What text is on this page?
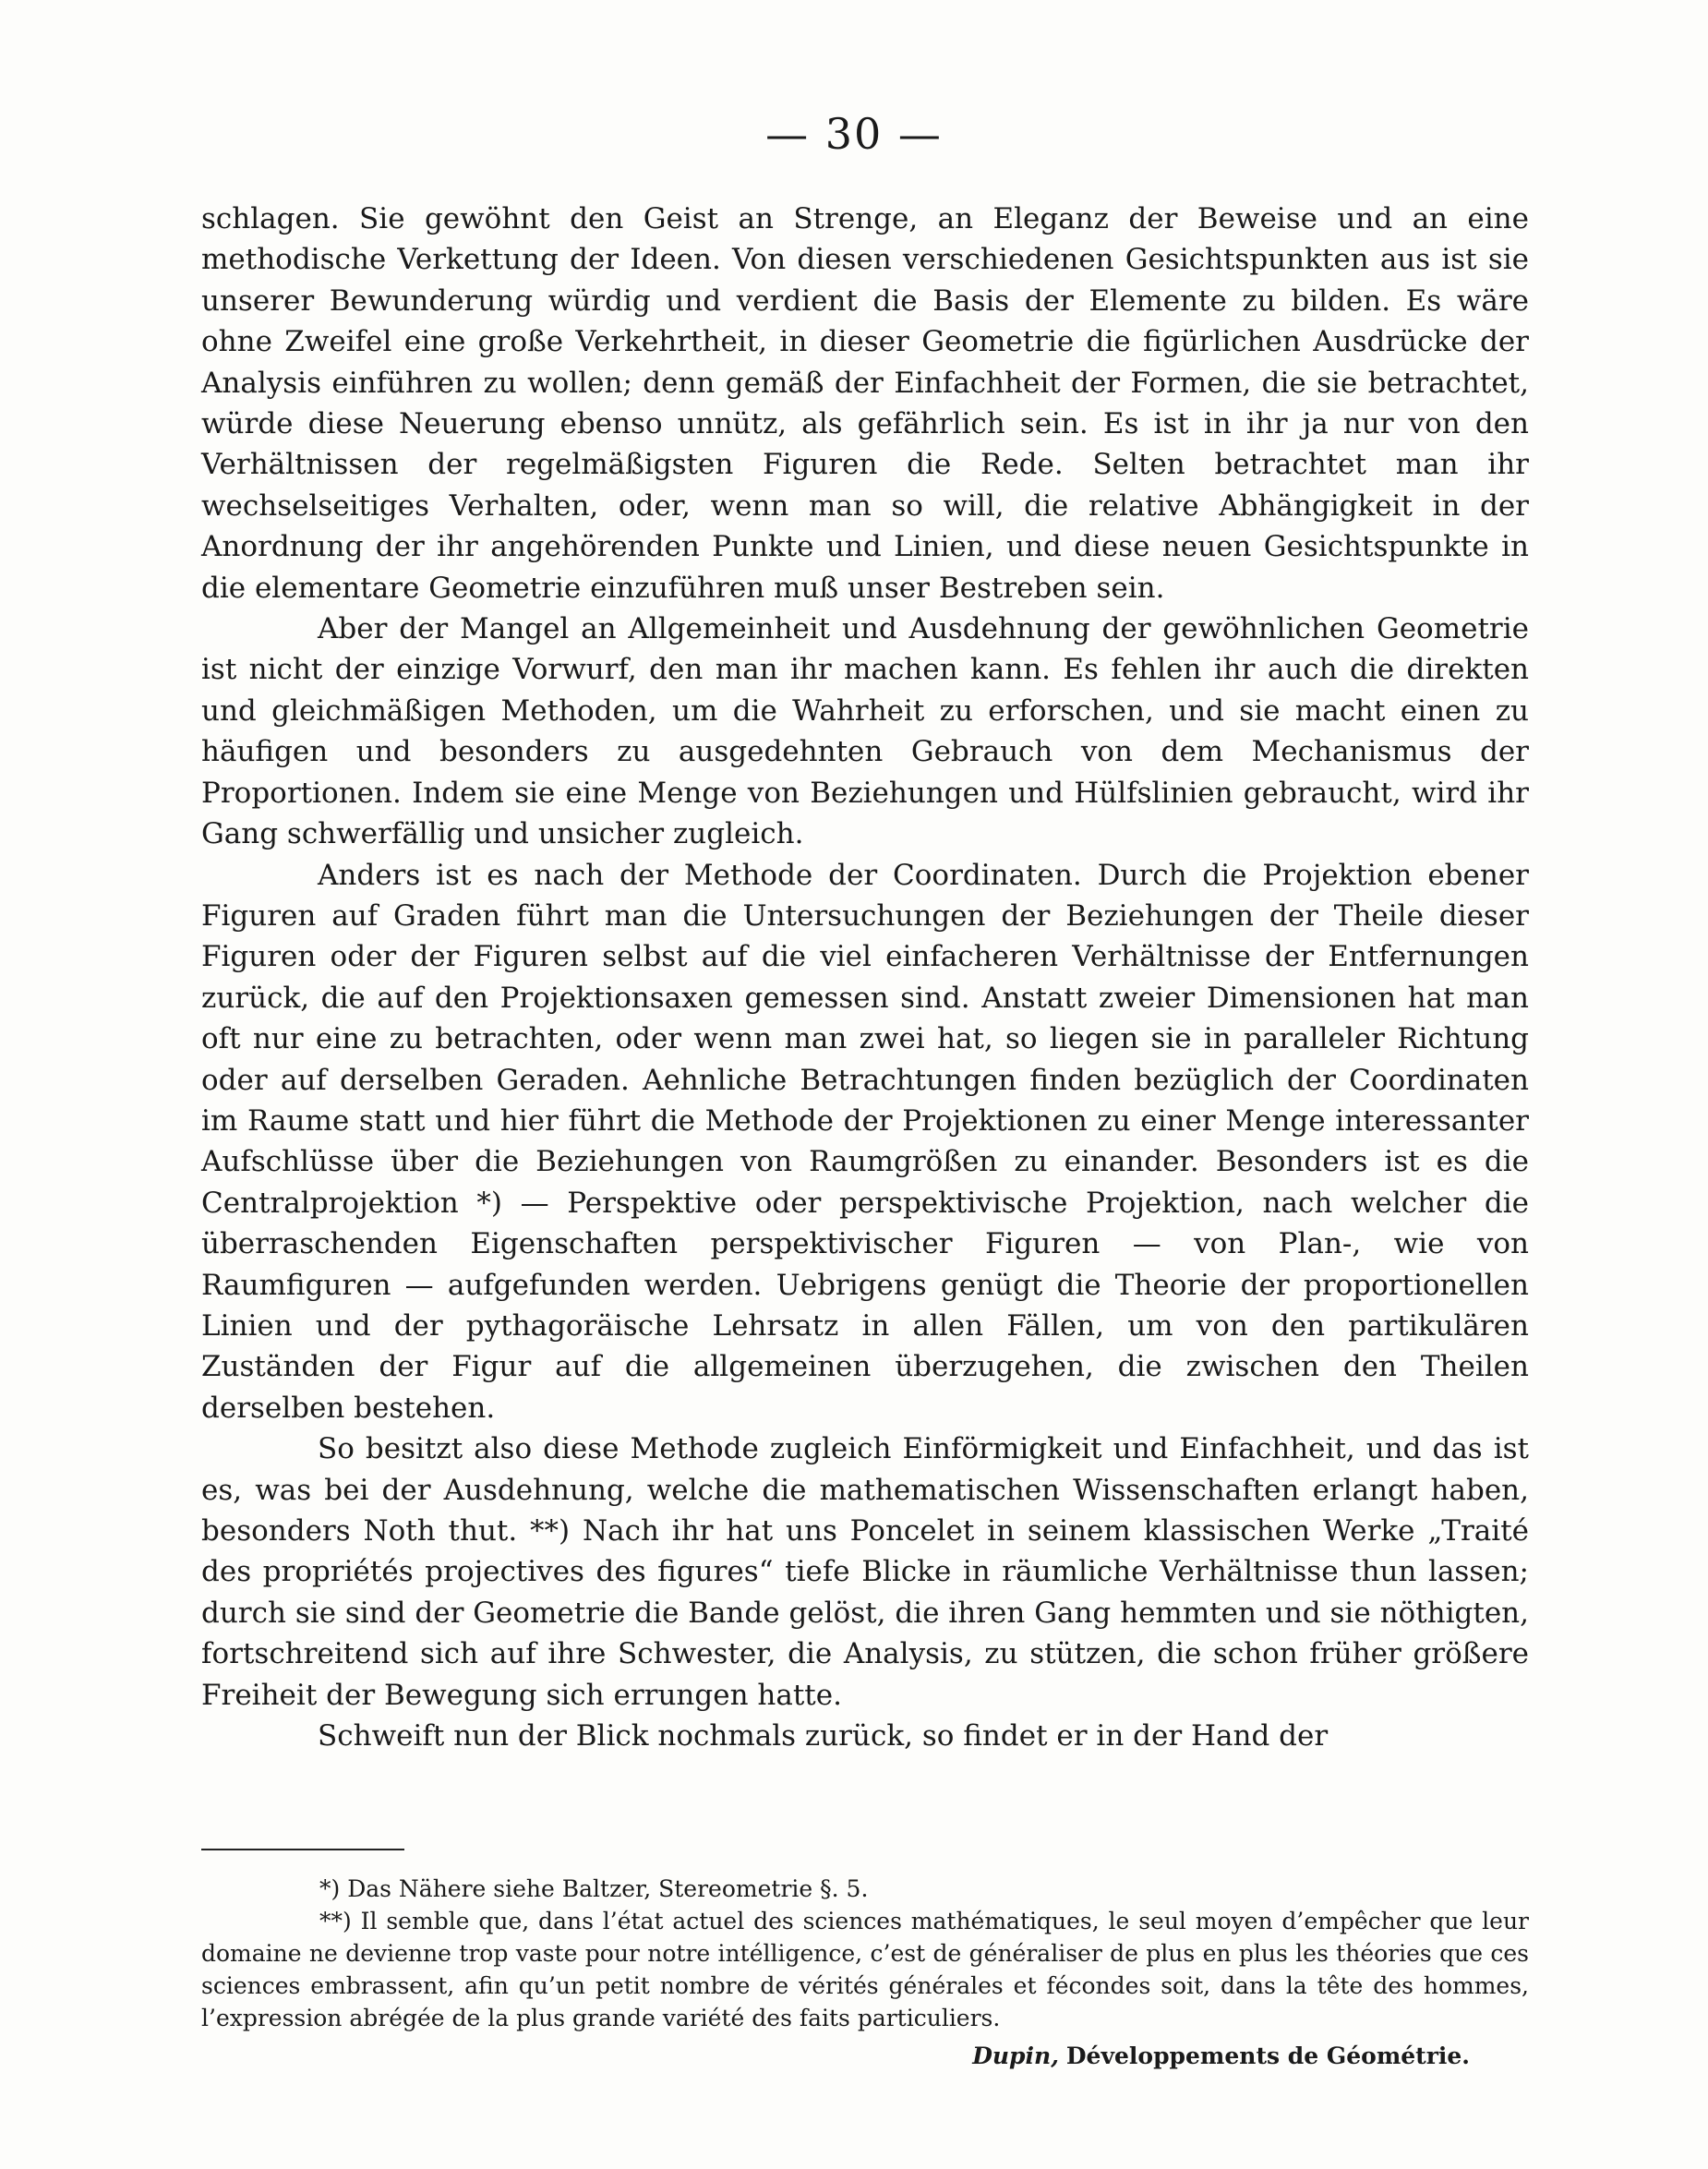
— 30 —

schlagen. Sie gewöhnt den Geist an Strenge, an Eleganz der Beweise und an eine methodische Verkettung der Ideen. Von diesen verschiedenen Gesichtspunkten aus ist sie unserer Bewunderung würdig und verdient die Basis der Elemente zu bilden. Es wäre ohne Zweifel eine große Verkehrtheit, in dieser Geometrie die figürlichen Ausdrücke der Analysis einführen zu wollen; denn gemäß der Einfachheit der Formen, die sie betrachtet, würde diese Neuerung ebenso unnütz, als gefährlich sein. Es ist in ihr ja nur von den Verhältnissen der regelmäßigsten Figuren die Rede. Selten betrachtet man ihr wechselseitiges Verhalten, oder, wenn man so will, die relative Abhängigkeit in der Anordnung der ihr angehörenden Punkte und Linien, und diese neuen Gesichtspunkte in die elementare Geometrie einzuführen muß unser Bestreben sein.

Aber der Mangel an Allgemeinheit und Ausdehnung der gewöhnlichen Geometrie ist nicht der einzige Vorwurf, den man ihr machen kann. Es fehlen ihr auch die direkten und gleichmäßigen Methoden, um die Wahrheit zu erforschen, und sie macht einen zu häufigen und besonders zu ausgedehnten Gebrauch von dem Mechanismus der Proportionen. Indem sie eine Menge von Beziehungen und Hülfslinien gebraucht, wird ihr Gang schwerfällig und unsicher zugleich.

Anders ist es nach der Methode der Coordinaten. Durch die Projektion ebener Figuren auf Graden führt man die Untersuchungen der Beziehungen der Theile dieser Figuren oder der Figuren selbst auf die viel einfacheren Verhältnisse der Entfernungen zurück, die auf den Projektionsaxen gemessen sind. Anstatt zweier Dimensionen hat man oft nur eine zu betrachten, oder wenn man zwei hat, so liegen sie in paralleler Richtung oder auf derselben Geraden. Aehnliche Betrachtungen finden bezüglich der Coordinaten im Raume statt und hier führt die Methode der Projektionen zu einer Menge interessanter Aufschlüsse über die Beziehungen von Raumgrößen zu einander. Besonders ist es die Centralprojektion *) — Perspektive oder perspektivische Projektion, nach welcher die überraschenden Eigenschaften perspektivischer Figuren — von Plan-, wie von Raumfiguren — aufgefunden werden. Uebrigens genügt die Theorie der proportionellen Linien und der pythagoräische Lehrsatz in allen Fällen, um von den partikulären Zuständen der Figur auf die allgemeinen überzugehen, die zwischen den Theilen derselben bestehen.

So besitzt also diese Methode zugleich Einförmigkeit und Einfachheit, und das ist es, was bei der Ausdehnung, welche die mathematischen Wissenschaften erlangt haben, besonders Noth thut. **) Nach ihr hat uns Poncelet in seinem klassischen Werke „Traité des propriétés projectives des figures“ tiefe Blicke in räumliche Verhältnisse thun lassen; durch sie sind der Geometrie die Bande gelöst, die ihren Gang hemmten und sie nöthigten, fortschreitend sich auf ihre Schwester, die Analysis, zu stützen, die schon früher größere Freiheit der Bewegung sich errungen hatte.

Schweift nun der Blick nochmals zurück, so findet er in der Hand der

*) Das Nähere siehe Baltzer, Stereometrie §. 5.

**) Il semble que, dans l’état actuel des sciences mathématiques, le seul moyen d’empêcher que leur domaine ne devienne trop vaste pour notre intélligence, c’est de généraliser de plus en plus les théories que ces sciences embrassent, afin qu’un petit nombre de vérités générales et fécondes soit, dans la tête des hommes, l’expression abrégée de la plus grande variété des faits particuliers.

Dupin, Développements de Géométrie.
